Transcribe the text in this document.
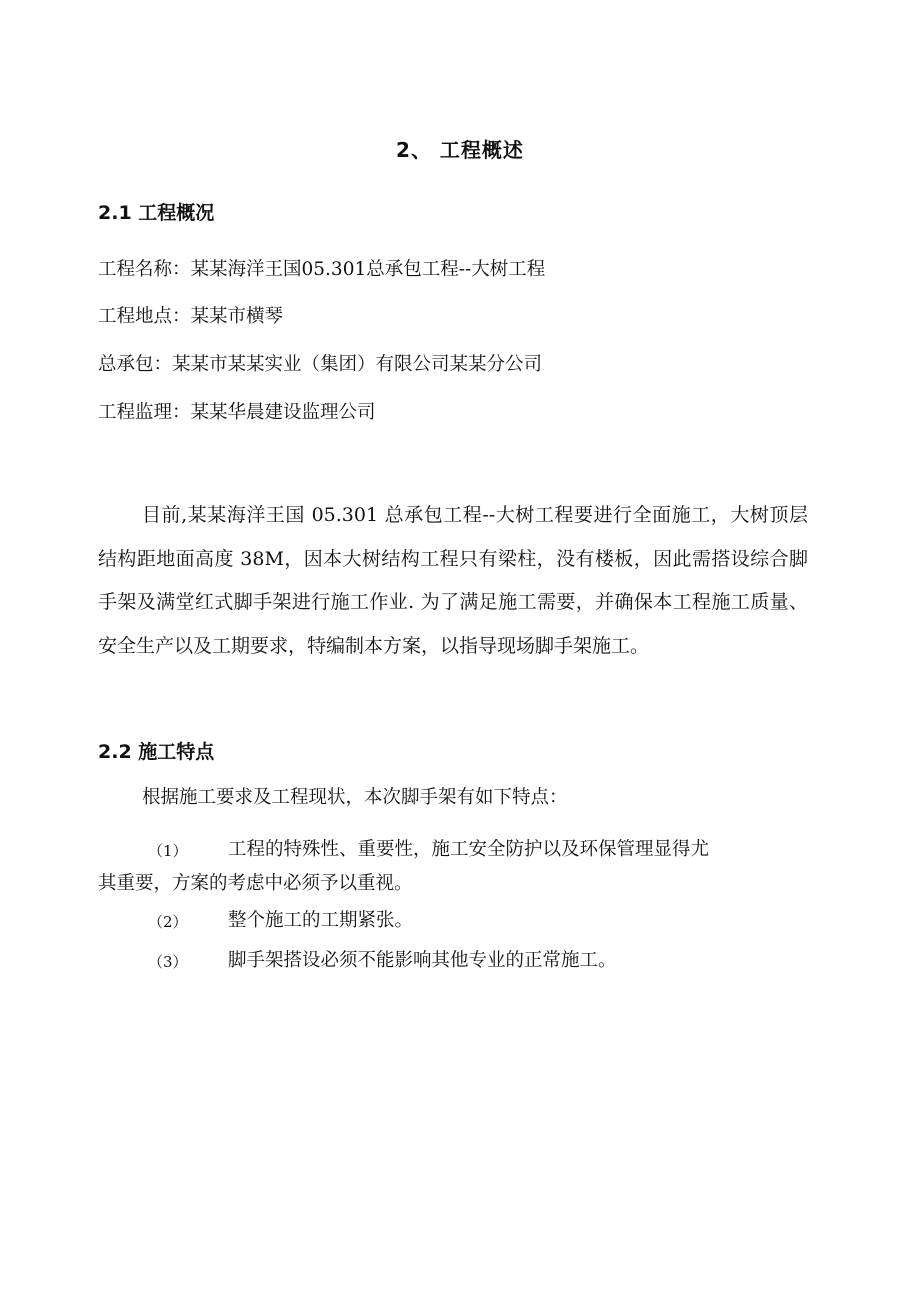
2、 工程概述
2.1 工程概况
工程名称：某某海洋王国05.301总承包工程--大树工程
工程地点：某某市横琴
总承包：某某市某某实业（集团）有限公司某某分公司
工程监理：某某华晨建设监理公司
目前,某某海洋王国 05.301 总承包工程--大树工程要进行全面施工，大树顶层结构距地面高度 38M，因本大树结构工程只有梁柱，没有楼板，因此需搭设综合脚手架及满堂红式脚手架进行施工作业. 为了满足施工需要，并确保本工程施工质量、安全生产以及工期要求，特编制本方案，以指导现场脚手架施工。
2.2 施工特点
根据施工要求及工程现状，本次脚手架有如下特点：
（1） 工程的特殊性、重要性，施工安全防护以及环保管理显得尤
其重要，方案的考虑中必须予以重视。
（2） 整个施工的工期紧张。
（3） 脚手架搭设必须不能影响其他专业的正常施工。
